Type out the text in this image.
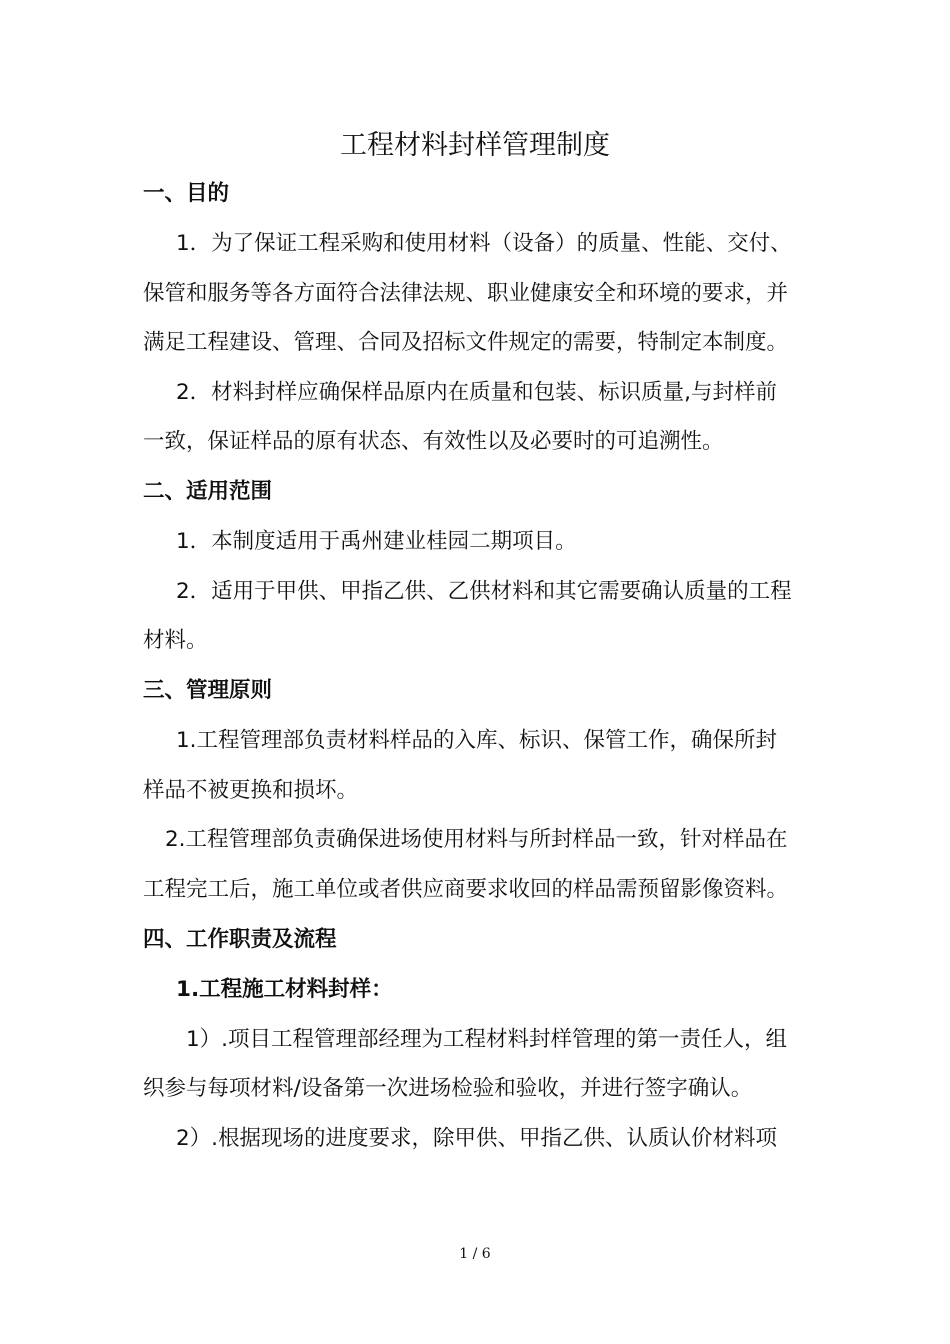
工程材料封样管理制度
一、目的
1．为了保证工程采购和使用材料（设备）的质量、性能、交付、
保管和服务等各方面符合法律法规、职业健康安全和环境的要求，并
满足工程建设、管理、合同及招标文件规定的需要，特制定本制度。
2．材料封样应确保样品原内在质量和包装、标识质量,与封样前
一致，保证样品的原有状态、有效性以及必要时的可追溯性。
二、适用范围
1．本制度适用于禹州建业桂园二期项目。
2．适用于甲供、甲指乙供、乙供材料和其它需要确认质量的工程
材料。
三、管理原则
1.工程管理部负责材料样品的入库、标识、保管工作，确保所封
样品不被更换和损坏。
2.工程管理部负责确保进场使用材料与所封样品一致，针对样品在
工程完工后，施工单位或者供应商要求收回的样品需预留影像资料。
四、工作职责及流程
1.工程施工材料封样：
1）.项目工程管理部经理为工程材料封样管理的第一责任人，组
织参与每项材料/设备第一次进场检验和验收，并进行签字确认。
2）.根据现场的进度要求，除甲供、甲指乙供、认质认价材料项
1 / 6
